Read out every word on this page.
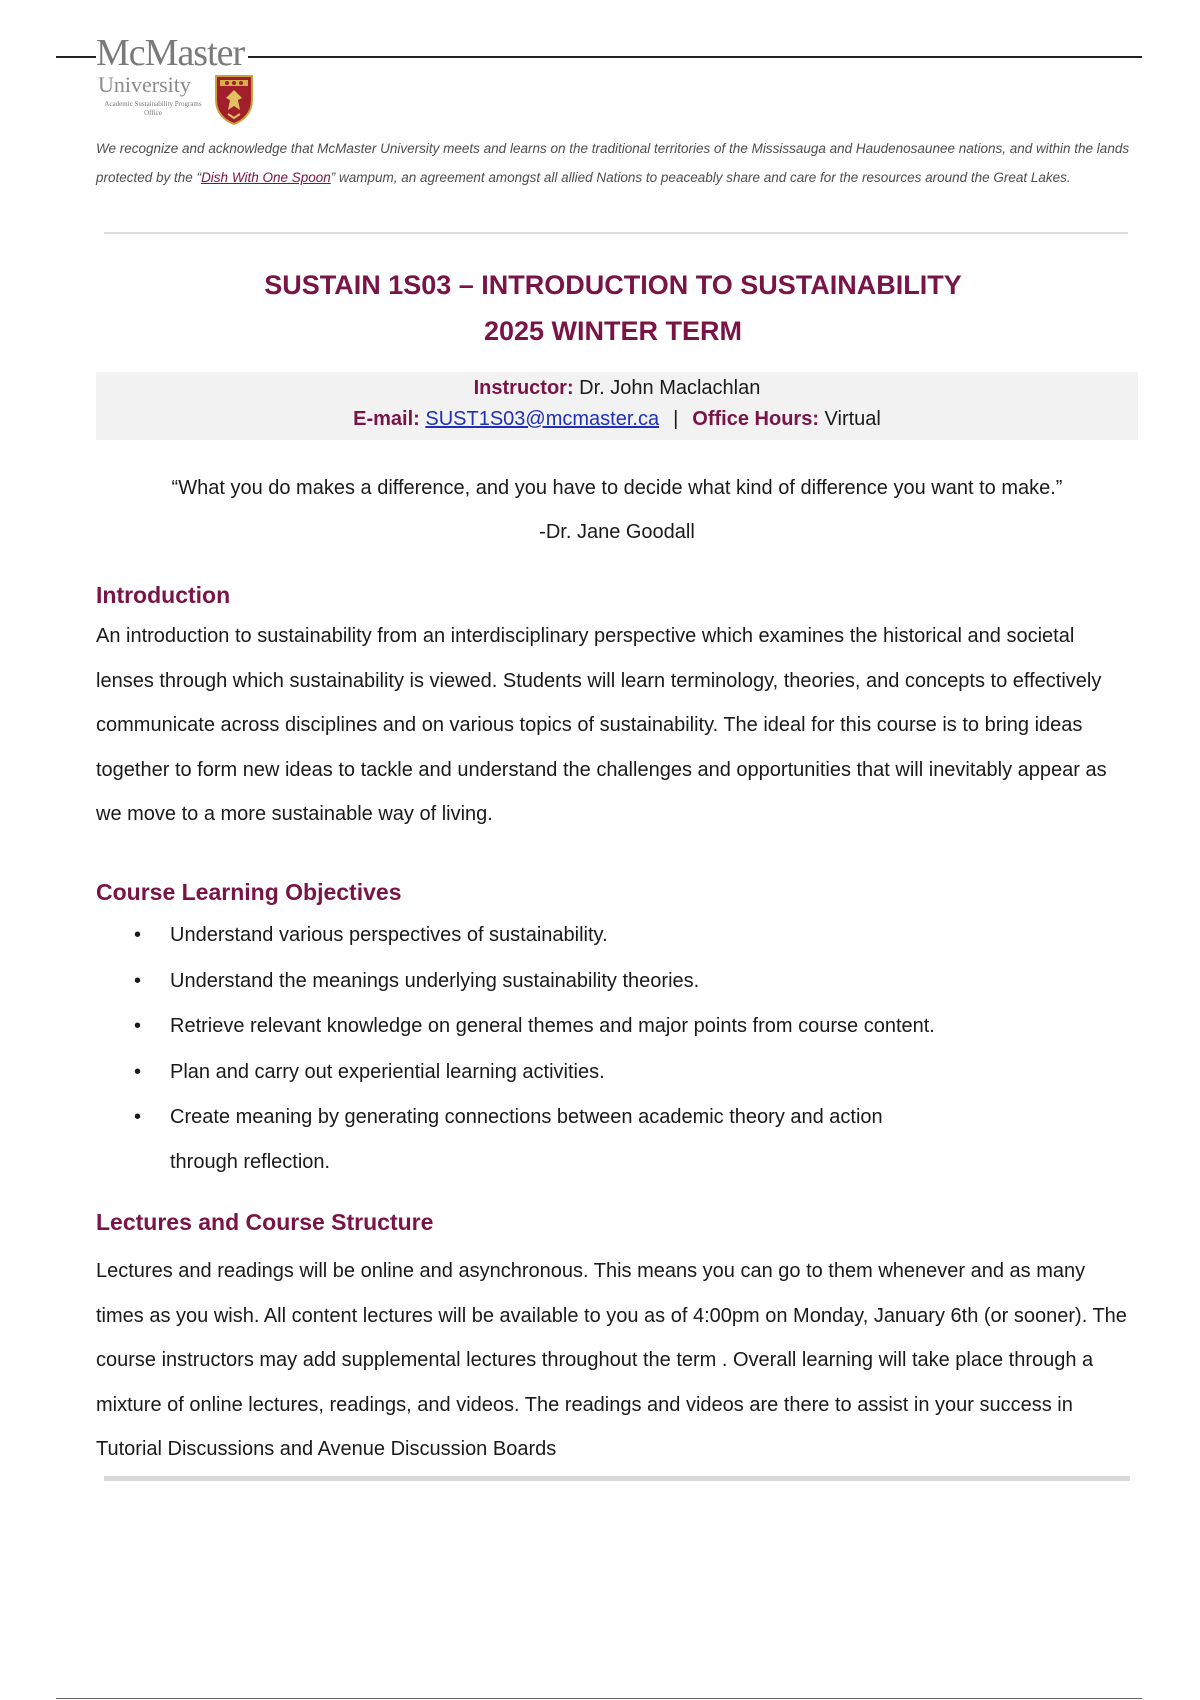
McMaster
University
Academic Sustainability Programs Office
We recognize and acknowledge that McMaster University meets and learns on the traditional territories of the Mississauga and Haudenosaunee nations, and within the lands protected by the “Dish With One Spoon” wampum, an agreement amongst all allied Nations to peaceably share and care for the resources around the Great Lakes.
SUSTAIN 1S03 – INTRODUCTION TO SUSTAINABILITY
2025 WINTER TERM
Instructor: Dr. John Maclachlan
E-mail: SUST1S03@mcmaster.ca | Office Hours: Virtual
“What you do makes a difference, and you have to decide what kind of difference you want to make.”
-Dr. Jane Goodall
Introduction

An introduction to sustainability from an interdisciplinary perspective which examines the historical and societal lenses through which sustainability is viewed. Students will learn terminology, theories, and concepts to effectively communicate across disciplines and on various topics of sustainability. The ideal for this course is to bring ideas together to form new ideas to tackle and understand the challenges and opportunities that will inevitably appear as we move to a more sustainable way of living.

Course Learning Objectives
•	Understand various perspectives of sustainability.
•	Understand the meanings underlying sustainability theories.
•	Retrieve relevant knowledge on general themes and major points from course content.
•	Plan and carry out experiential learning activities.
•	Create meaning by generating connections between academic theory and action through reflection.
Lectures and Course Structure

Lectures and readings will be online and asynchronous. This means you can go to them whenever and as many times as you wish. All content lectures will be available to you as of 4:00pm on Monday, January 6th (or sooner). The course instructors may add supplemental lectures throughout the term . Overall learning will take place through a mixture of online lectures, readings, and videos. The readings and videos are there to assist in your success in Tutorial Discussions and Avenue Discussion Boards
